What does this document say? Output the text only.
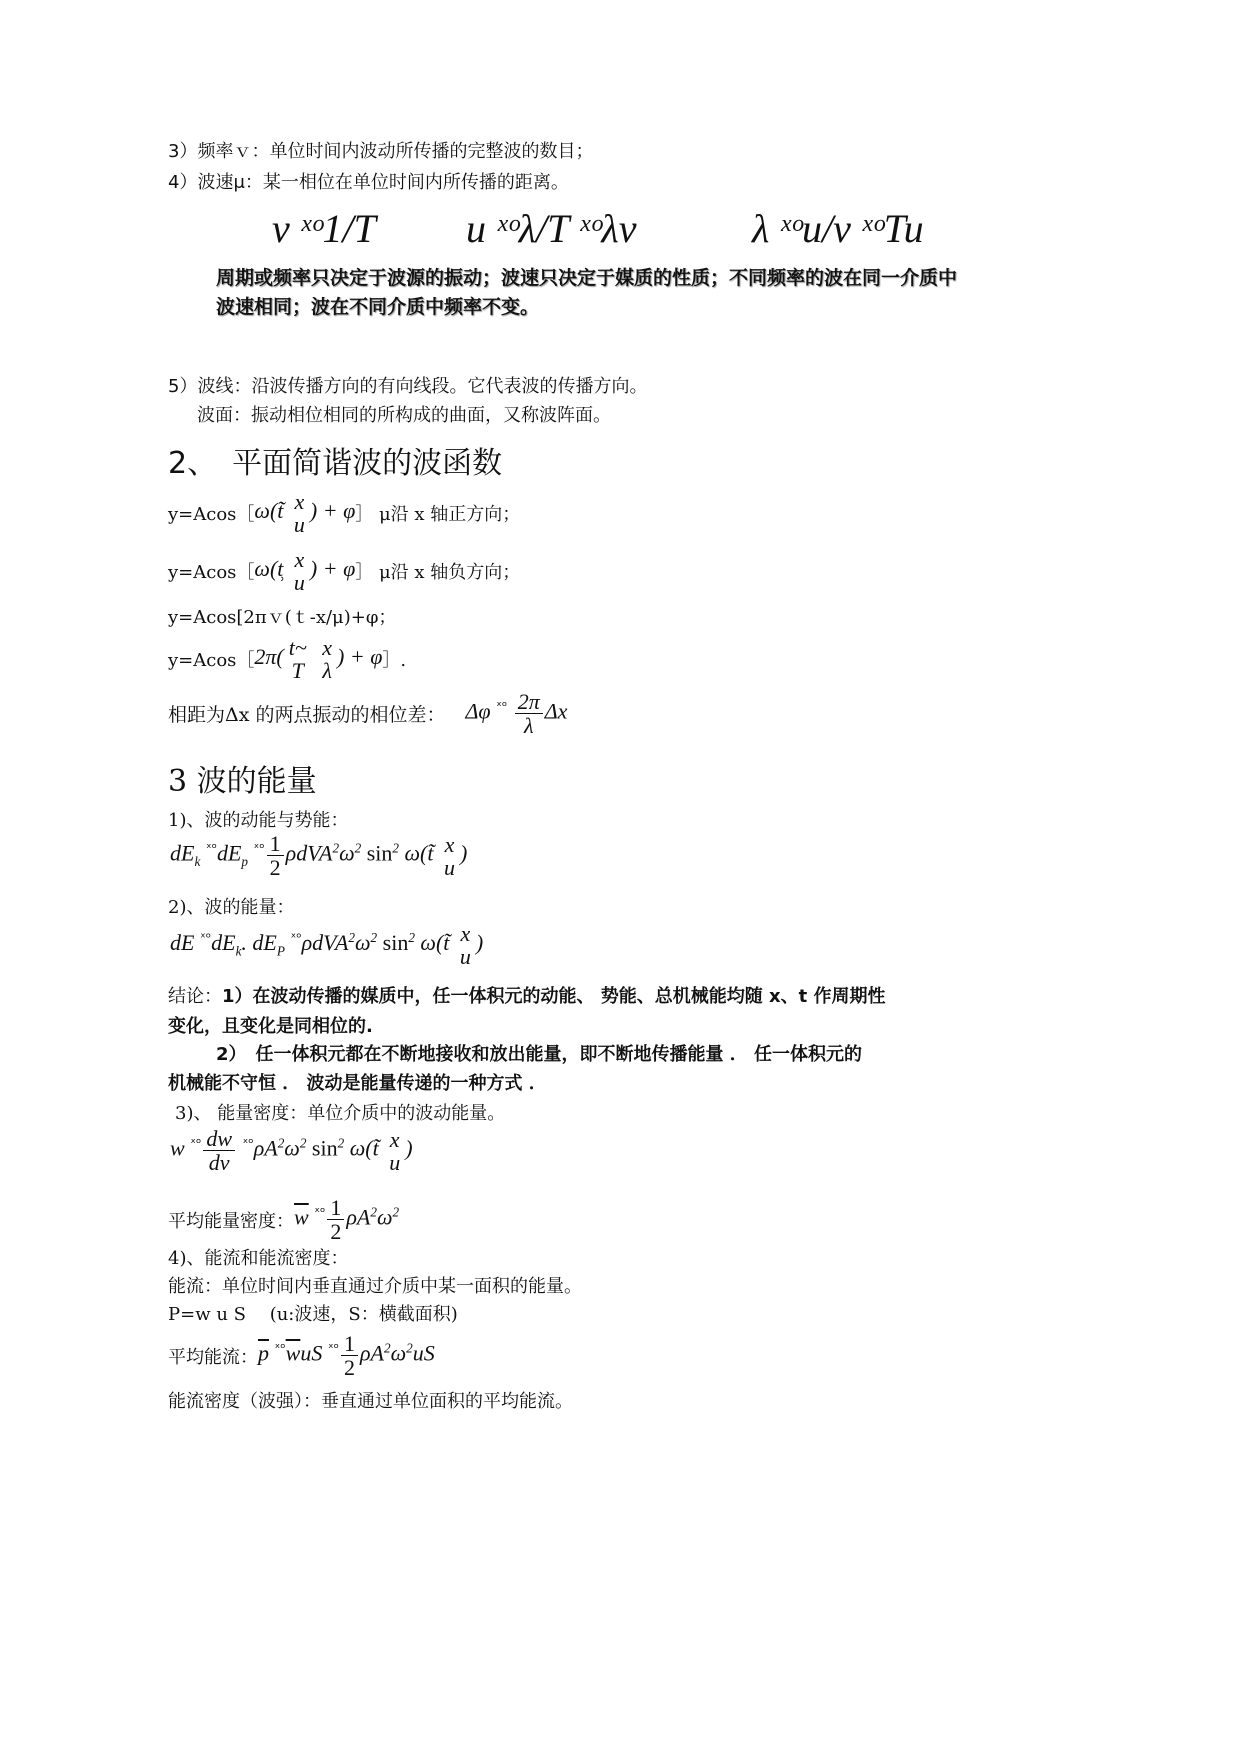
3）频率ｖ：单位时间内波动所传播的完整波的数目；
4）波速μ：某一相位在单位时间内所传播的距离。
ν ˣᵒ1/T u ˣᵒλ/T ˣᵒλν	λ ˣᵒu/ν ˣᵒTu
周期或频率只决定于波源的振动；波速只决定于媒质的性质；不同频率的波在同一介质中
波速相同；波在不同介质中频率不变。
5）波线：沿波传播方向的有向线段。它代表波的传播方向。
波面：振动相位相同的所构成的曲面，又称波阵面。
2、　平面简谐波的波函数
y=Acos［ ω(t̃ x
u
) + φ ］ μ沿 x 轴正方向；
y=Acos［ ω(t̹ x
u
) + φ ］ μ沿 x 轴负方向；
y=Acos[2πｖ(ｔ-x/μ)+φ；
y=Acos［ 2π( t~
T

x
λ
) + φ ］.
相距为Δx 的两点振动的相位差： Δφ $^{ˣᵒ} \frac{2\pi}{\lambda}$ Δx
3 波的能量
1)、波的动能与势能：
$dE_k$ $^{ˣᵒ}dE_p$ $^{ˣᵒ} \frac{1}{2} \rho dVA^2\omega^2$ $\sin^2$ ω(t̃ x
u
)
2)、波的能量：
dE $^{ˣᵒ}dE_k$. $dE_P$ $^{ˣᵒ}\rho dVA^2\omega^2$ $\sin^2$ ω(t̃ x
u
)
结论：1）在波动传播的媒质中，任一体积元的动能、 势能、总机械能均随 x、t 作周期性
变化，且变化是同相位的.
2）　任一体积元都在不断地接收和放出能量，即不断地传播能量 ． 任一体积元的
机械能不守恒 ． 波动是能量传递的一种方式 ．
3)、 能量密度：单位介质中的波动能量。
w $^{ˣᵒ} \frac{dw}{dv} ^{ˣᵒ}\rho A^2\omega^2$ $\sin^2$ ω(t̃ x
u
)
平均能量密度： $\overline{w}$ $^{ˣᵒ} \frac{1}{2} \rho A^2\omega^2$
4)、能流和能流密度：
能流：单位时间内垂直通过介质中某一面积的能量。
P=w u S　 (u:波速，S：横截面积)
平均能流： $\overline{p}$ $^{ˣᵒ}\overline{w}uS$ $^{ˣᵒ} \frac{1}{2} \rho A^2\omega^2uS$
能流密度（波强）：垂直通过单位面积的平均能流。
